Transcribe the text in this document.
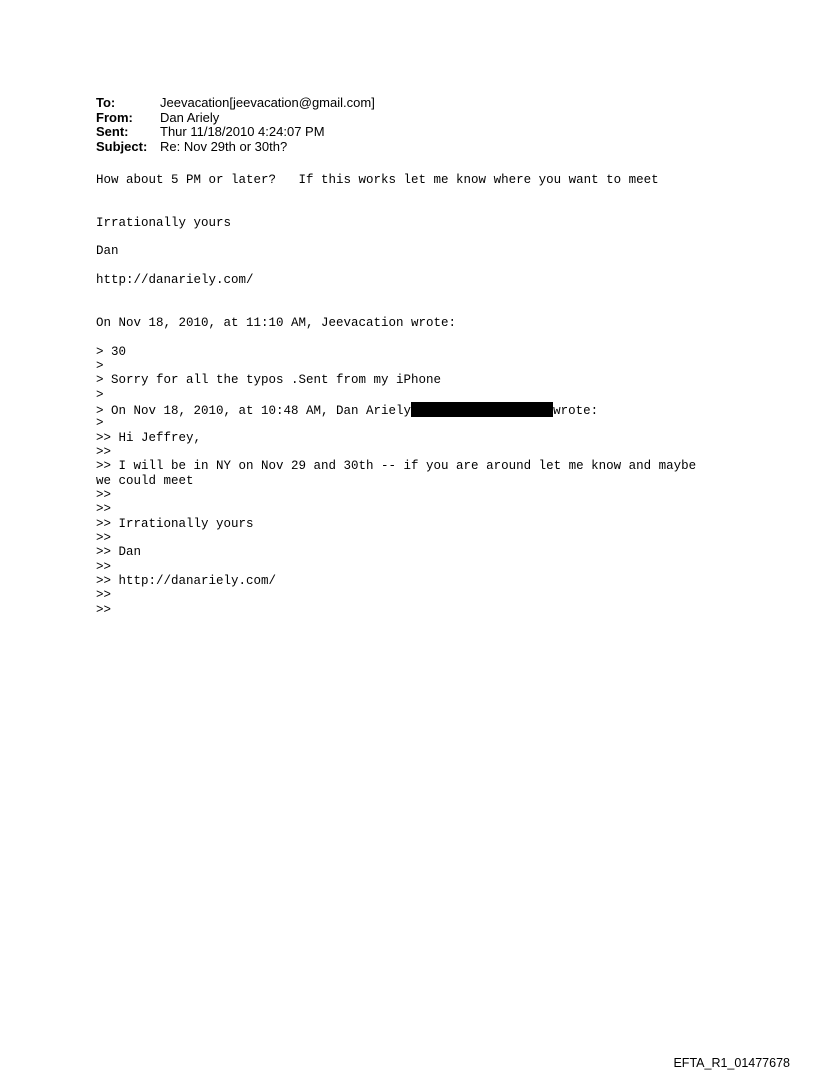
To:	Jeevacation[jeevacation@gmail.com]
From:	Dan Ariely
Sent:	Thur 11/18/2010 4:24:07 PM
Subject: Re: Nov 29th or 30th?
How about 5 PM or later?   If this works let me know where you want to meet
Irrationally yours
Dan
http://danariely.com/
On Nov 18, 2010, at 11:10 AM, Jeevacation wrote:
> 30
>
> Sorry for all the typos .Sent from my iPhone
>
> On Nov 18, 2010, at 10:48 AM, Dan Ariely	wrote:
>
>> Hi Jeffrey,
>>
>> I will be in NY on Nov 29 and 30th -- if you are around let me know and maybe
we could meet
>>
>>
>> Irrationally yours
>>
>> Dan
>>
>> http://danariely.com/
>>
>>
EFTA_R1_01477678
